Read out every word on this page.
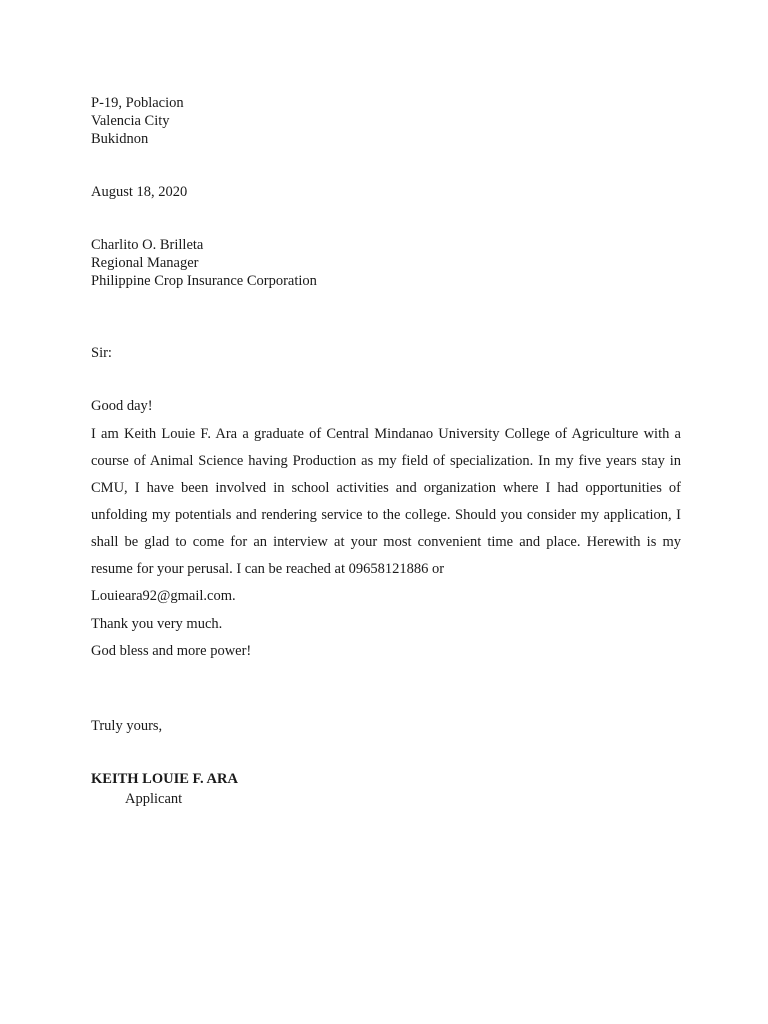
P-19, Poblacion
Valencia City
Bukidnon
August 18, 2020
Charlito O. Brilleta
Regional Manager
Philippine Crop Insurance Corporation
Sir:
Good day!

I am Keith Louie F. Ara a graduate of Central Mindanao University College of Agriculture with a course of Animal Science having Production as my field of specialization. In my five years stay in CMU, I have been involved in school activities and organization where I had opportunities of unfolding my potentials and rendering service to the college. Should you consider my application, I shall be glad to come for an interview at your most convenient time and place. Herewith is my resume for your perusal. I can be reached at 09658121886 or

Louieara92@gmail.com.

Thank you very much.
God bless and more power!
Truly yours,
KEITH LOUIE F. ARA
Applicant
